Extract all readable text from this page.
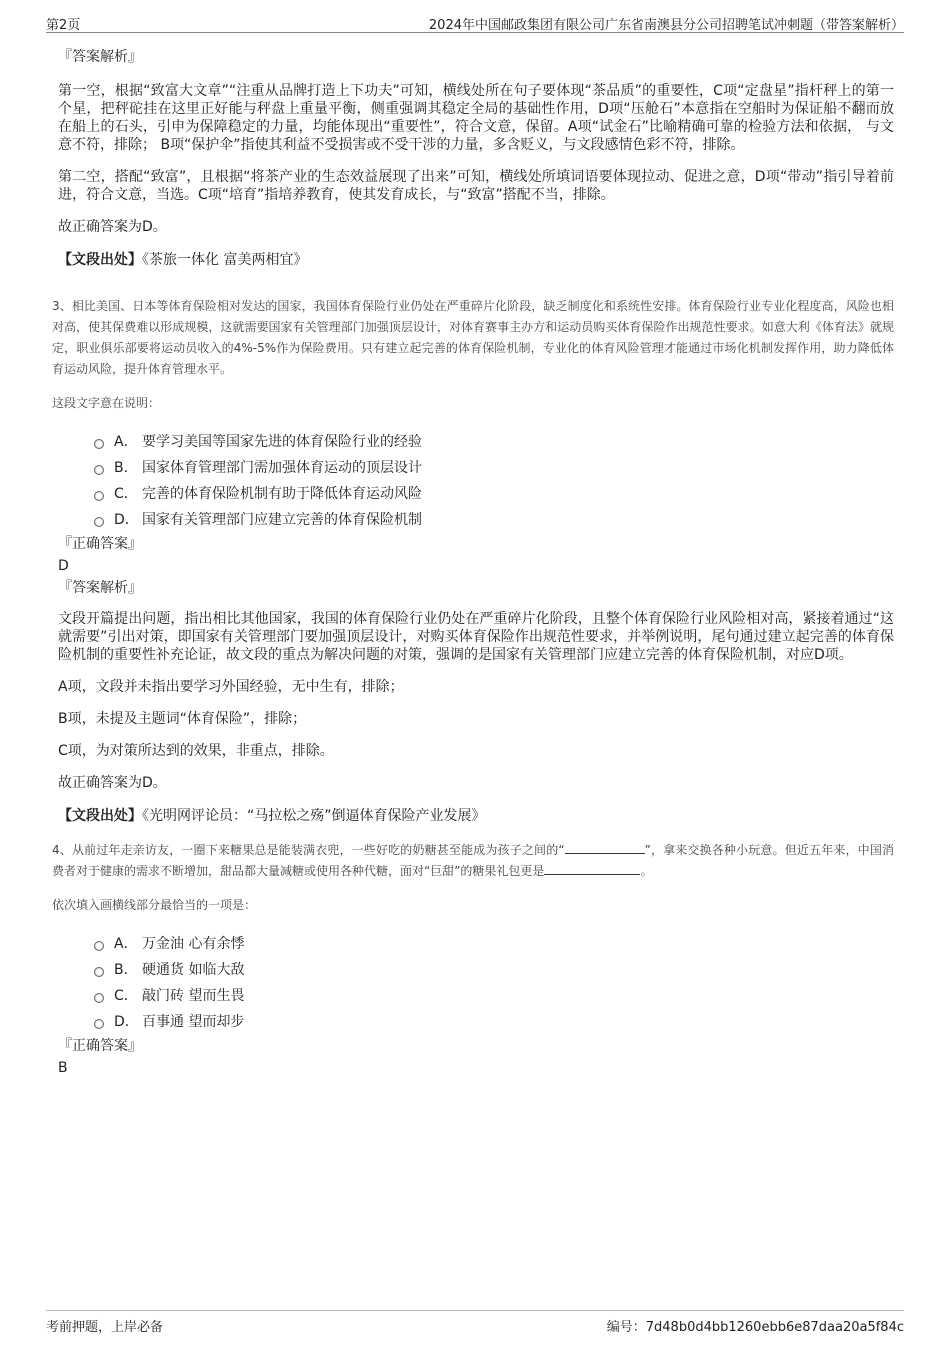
第2页	2024年中国邮政集团有限公司广东省南澳县分公司招聘笔试冲刺题（带答案解析）
『答案解析』

第一空，根据“致富大文章”“注重从品牌打造上下功夫”可知，横线处所在句子要体现“茶品质”的重要性，C项“定盘星”指杆秤上的第一个星，把秤砣挂在这里正好能与秤盘上重量平衡，侧重强调其稳定全局的基础性作用，D项“压舱石”本意指在空船时为保证船不翻而放在船上的石头，引申为保障稳定的力量，均能体现出“重要性”，符合文意，保留。A项“试金石”比喻精确可靠的检验方法和依据， 与文意不符，排除； B项“保护伞”指使其利益不受损害或不受干涉的力量，多含贬义，与文段感情色彩不符，排除。

第二空，搭配“致富”，且根据“将茶产业的生态效益展现了出来”可知，横线处所填词语要体现拉动、促进之意，D项“带动”指引导着前进，符合文意，当选。C项“培育”指培养教育，使其发育成长，与“致富”搭配不当，排除。

故正确答案为D。

【文段出处】《茶旅一体化 富美两相宜》

3、相比美国、日本等体育保险相对发达的国家，我国体育保险行业仍处在严重碎片化阶段，缺乏制度化和系统性安排。体育保险行业专业化程度高，风险也相对高，使其保费难以形成规模，这就需要国家有关管理部门加强顶层设计，对体育赛事主办方和运动员购买体育保险作出规范性要求。如意大利《体育法》就规定，职业俱乐部要将运动员收入的4%-5%作为保险费用。只有建立起完善的体育保险机制，专业化的体育风险管理才能通过市场化机制发挥作用，助力降低体育运动风险，提升体育管理水平。

这段文字意在说明：

A． 要学习美国等国家先进的体育保险行业的经验
B． 国家体育管理部门需加强体育运动的顶层设计
C． 完善的体育保险机制有助于降低体育运动风险
D． 国家有关管理部门应建立完善的体育保险机制
『正确答案』
D
『答案解析』

文段开篇提出问题，指出相比其他国家，我国的体育保险行业仍处在严重碎片化阶段，且整个体育保险行业风险相对高，紧接着通过“这就需要”引出对策，即国家有关管理部门要加强顶层设计，对购买体育保险作出规范性要求，并举例说明，尾句通过建立起完善的体育保险机制的重要性补充论证，故文段的重点为解决问题的对策，强调的是国家有关管理部门应建立完善的体育保险机制，对应D项。

A项，文段并未指出要学习外国经验，无中生有，排除；

B项，未提及主题词“体育保险”，排除；

C项，为对策所达到的效果，非重点，排除。

故正确答案为D。

【文段出处】《光明网评论员：“马拉松之殇”倒逼体育保险产业发展》

4、从前过年走亲访友，一圈下来糖果总是能装满衣兜，一些好吃的奶糖甚至能成为孩子之间的“	”，拿来交换各种小玩意。但近五年来，中国消费者对于健康的需求不断增加，甜品都大量减糖或使用各种代糖，面对“巨甜”的糖果礼包更是	。

依次填入画横线部分最恰当的一项是：

A． 万金油 心有余悸
B． 硬通货 如临大敌
C． 敲门砖 望而生畏
D． 百事通 望而却步
『正确答案』
B
考前押题，上岸必备	编号：7d48b0d4bb1260ebb6e87daa20a5f84c
